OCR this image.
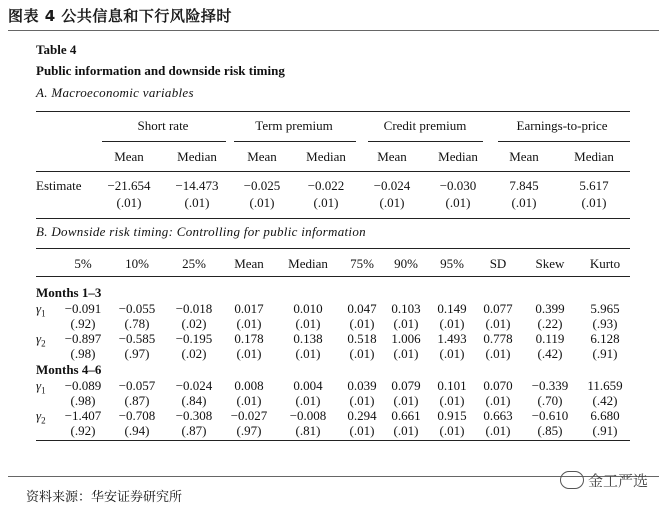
图表 4 公共信息和下行风险择时
Table 4
Public information and downside risk timing
A. Macroeconomic variables
B. Downside risk timing: Controlling for public information
Short rate	Term premium	Credit premium	Earnings-to-price
Mean	Median	Mean	Median	Mean	Median	Mean	Median
Estimate	−21.654	−14.473	−0.025	−0.022	−0.024	−0.030	7.845	5.617
(.01)	(.01)	(.01)	(.01)	(.01)	(.01)	(.01)	(.01)
5%	10%	25%	Mean	Median	75%	90%	95%	SD	Skew	Kurto
Months 1–3
$\gamma_1$	−0.091	−0.055	−0.018	0.017	0.010	0.047	0.103	0.149	0.077	0.399	5.965
(.92)	(.78)	(.02)	(.01)	(.01)	(.01)	(.01)	(.01)	(.01)	(.22)	(.93)
$\gamma_2$	−0.897	−0.585	−0.195	0.178	0.138	0.518	1.006	1.493	0.778	0.119	6.128
(.98)	(.97)	(.02)	(.01)	(.01)	(.01)	(.01)	(.01)	(.01)	(.42)	(.91)
Months 4–6
$\gamma_1$	−0.089	−0.057	−0.024	0.008	0.004	0.039	0.079	0.101	0.070	−0.339	11.659
(.98)	(.87)	(.84)	(.01)	(.01)	(.01)	(.01)	(.01)	(.01)	(.70)	(.42)
$\gamma_2$	−1.407	−0.708	−0.308	−0.027	−0.008	0.294	0.661	0.915	0.663	−0.610	6.680
(.92)	(.94)	(.87)	(.97)	(.81)	(.01)	(.01)	(.01)	(.01)	(.85)	(.91)
资料来源：华安证券研究所
金工严选
